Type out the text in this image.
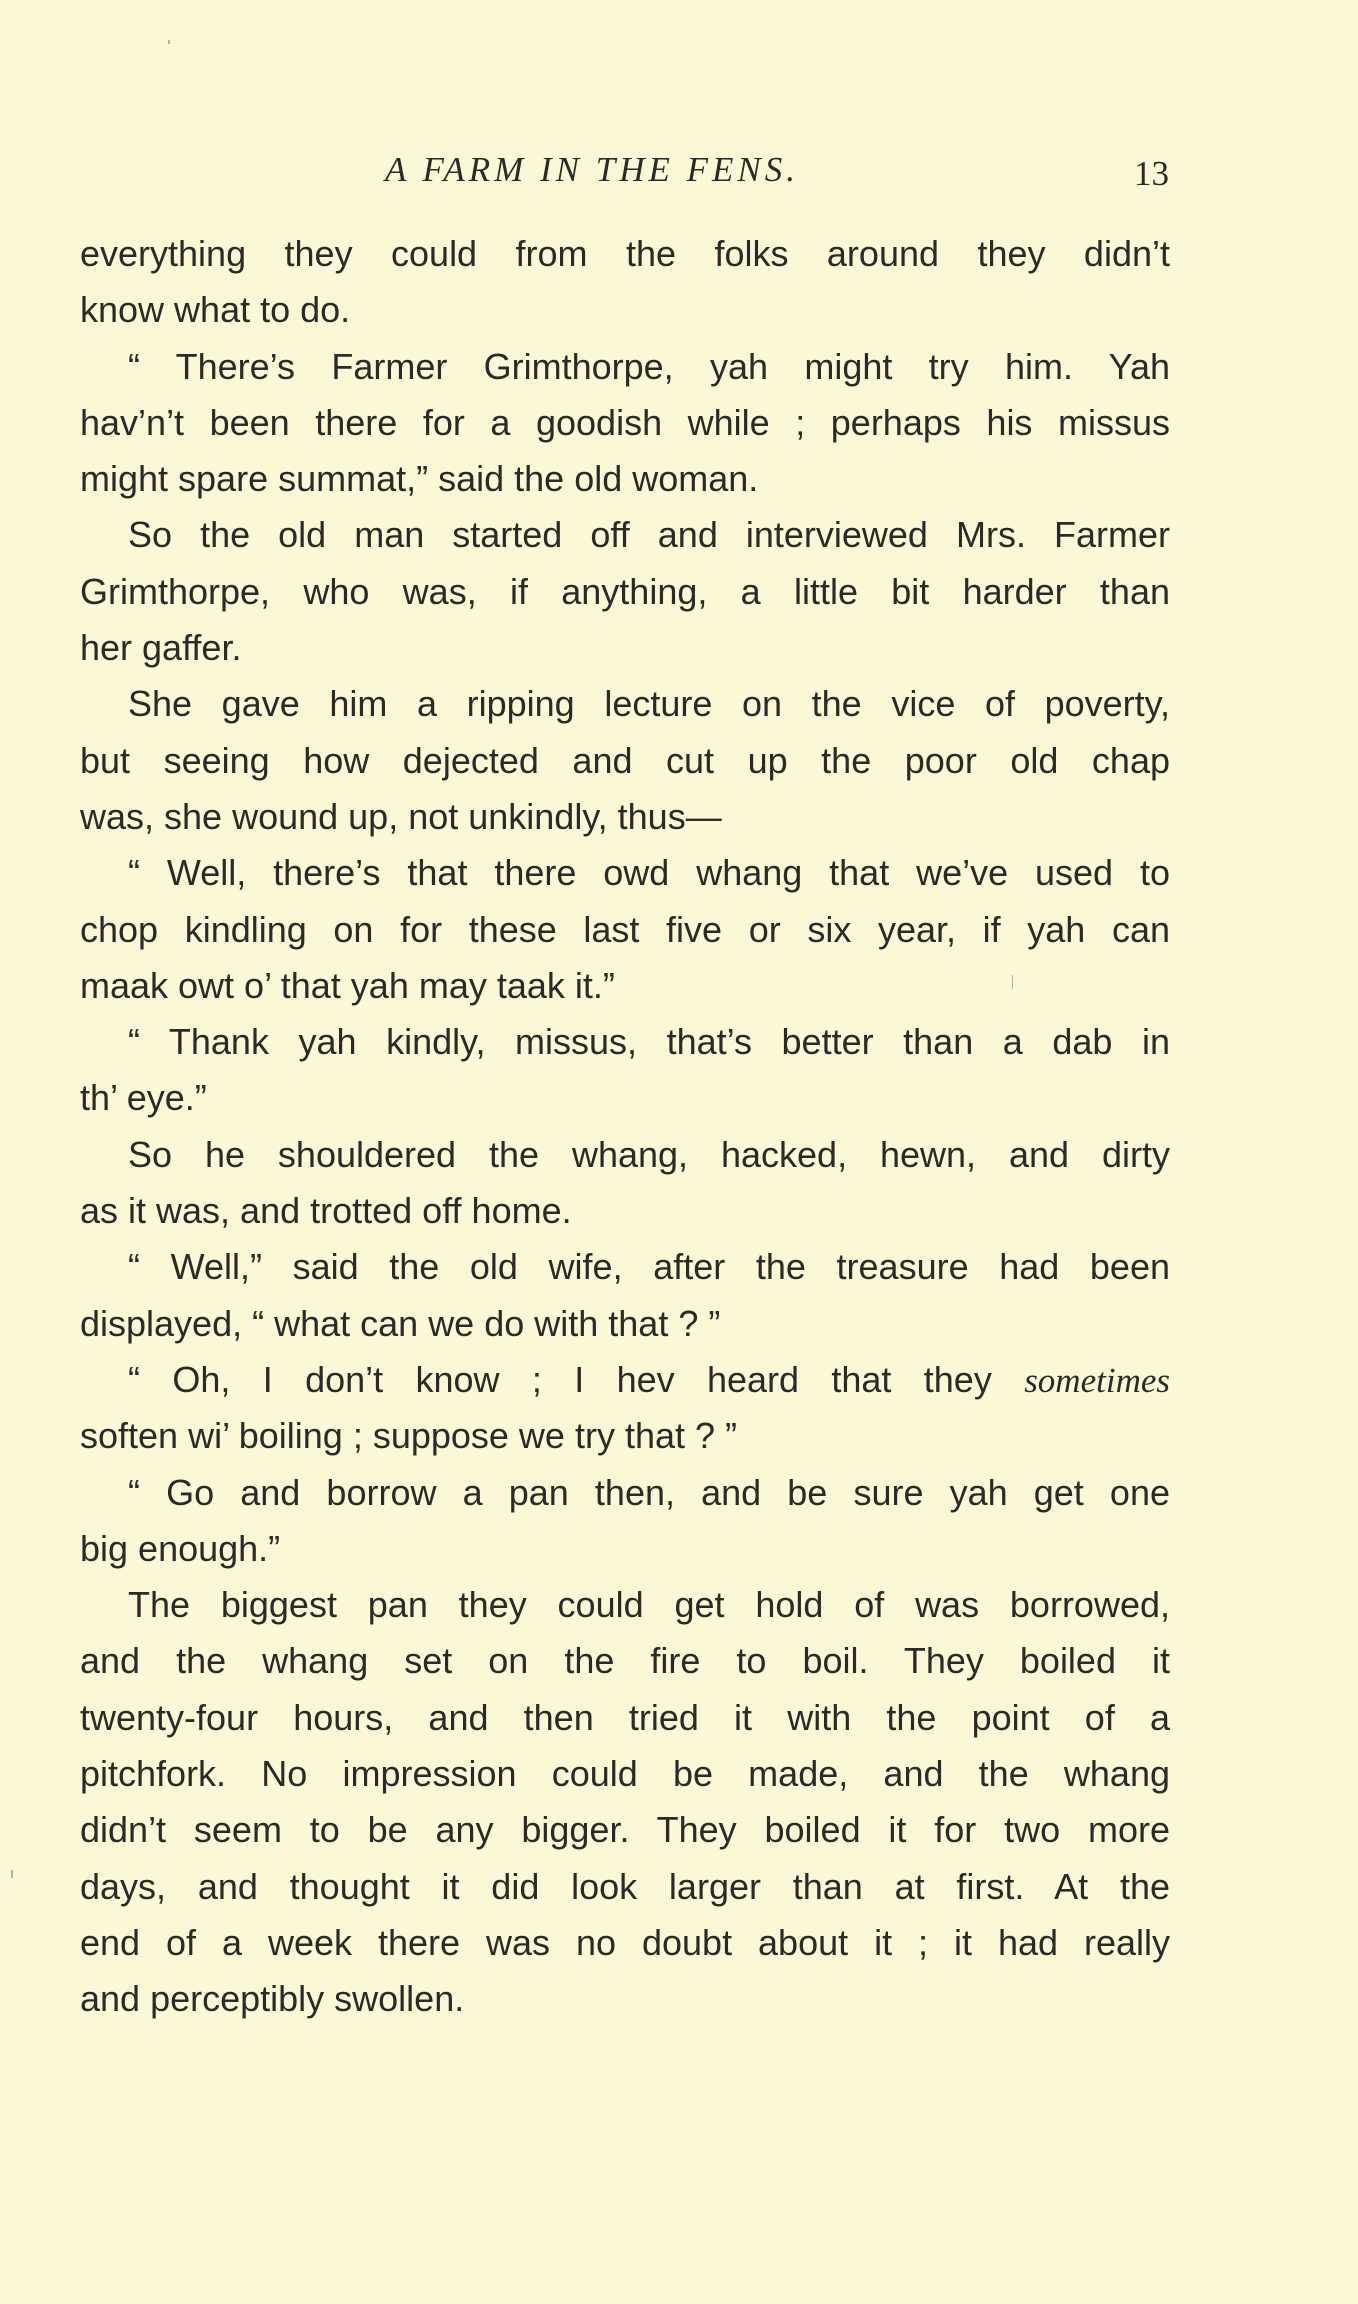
A FARM IN THE FENS.	13
everything they could from the folks around they didn’t
know what to do.
“ There’s Farmer Grimthorpe, yah might try him. Yah
hav’n’t been there for a goodish while ; perhaps his missus
might spare summat,” said the old woman.
So the old man started off and interviewed Mrs. Farmer
Grimthorpe, who was, if anything, a little bit harder than
her gaffer.
She gave him a ripping lecture on the vice of poverty,
but seeing how dejected and cut up the poor old chap
was, she wound up, not unkindly, thus—
“ Well, there’s that there owd whang that we’ve used to
chop kindling on for these last five or six year, if yah can
maak owt o’ that yah may taak it.”
“ Thank yah kindly, missus, that’s better than a dab in
th’ eye.”
So he shouldered the whang, hacked, hewn, and dirty
as it was, and trotted off home.
“ Well,” said the old wife, after the treasure had been
displayed, “ what can we do with that ? ”
“ Oh, I don’t know ; I hev heard that they sometimes
soften wi’ boiling ; suppose we try that ? ”
“ Go and borrow a pan then, and be sure yah get one
big enough.”
The biggest pan they could get hold of was borrowed,
and the whang set on the fire to boil. They boiled it
twenty-four hours, and then tried it with the point of a
pitchfork. No impression could be made, and the whang
didn’t seem to be any bigger. They boiled it for two more
days, and thought it did look larger than at first. At the
end of a week there was no doubt about it ; it had really
and perceptibly swollen.
